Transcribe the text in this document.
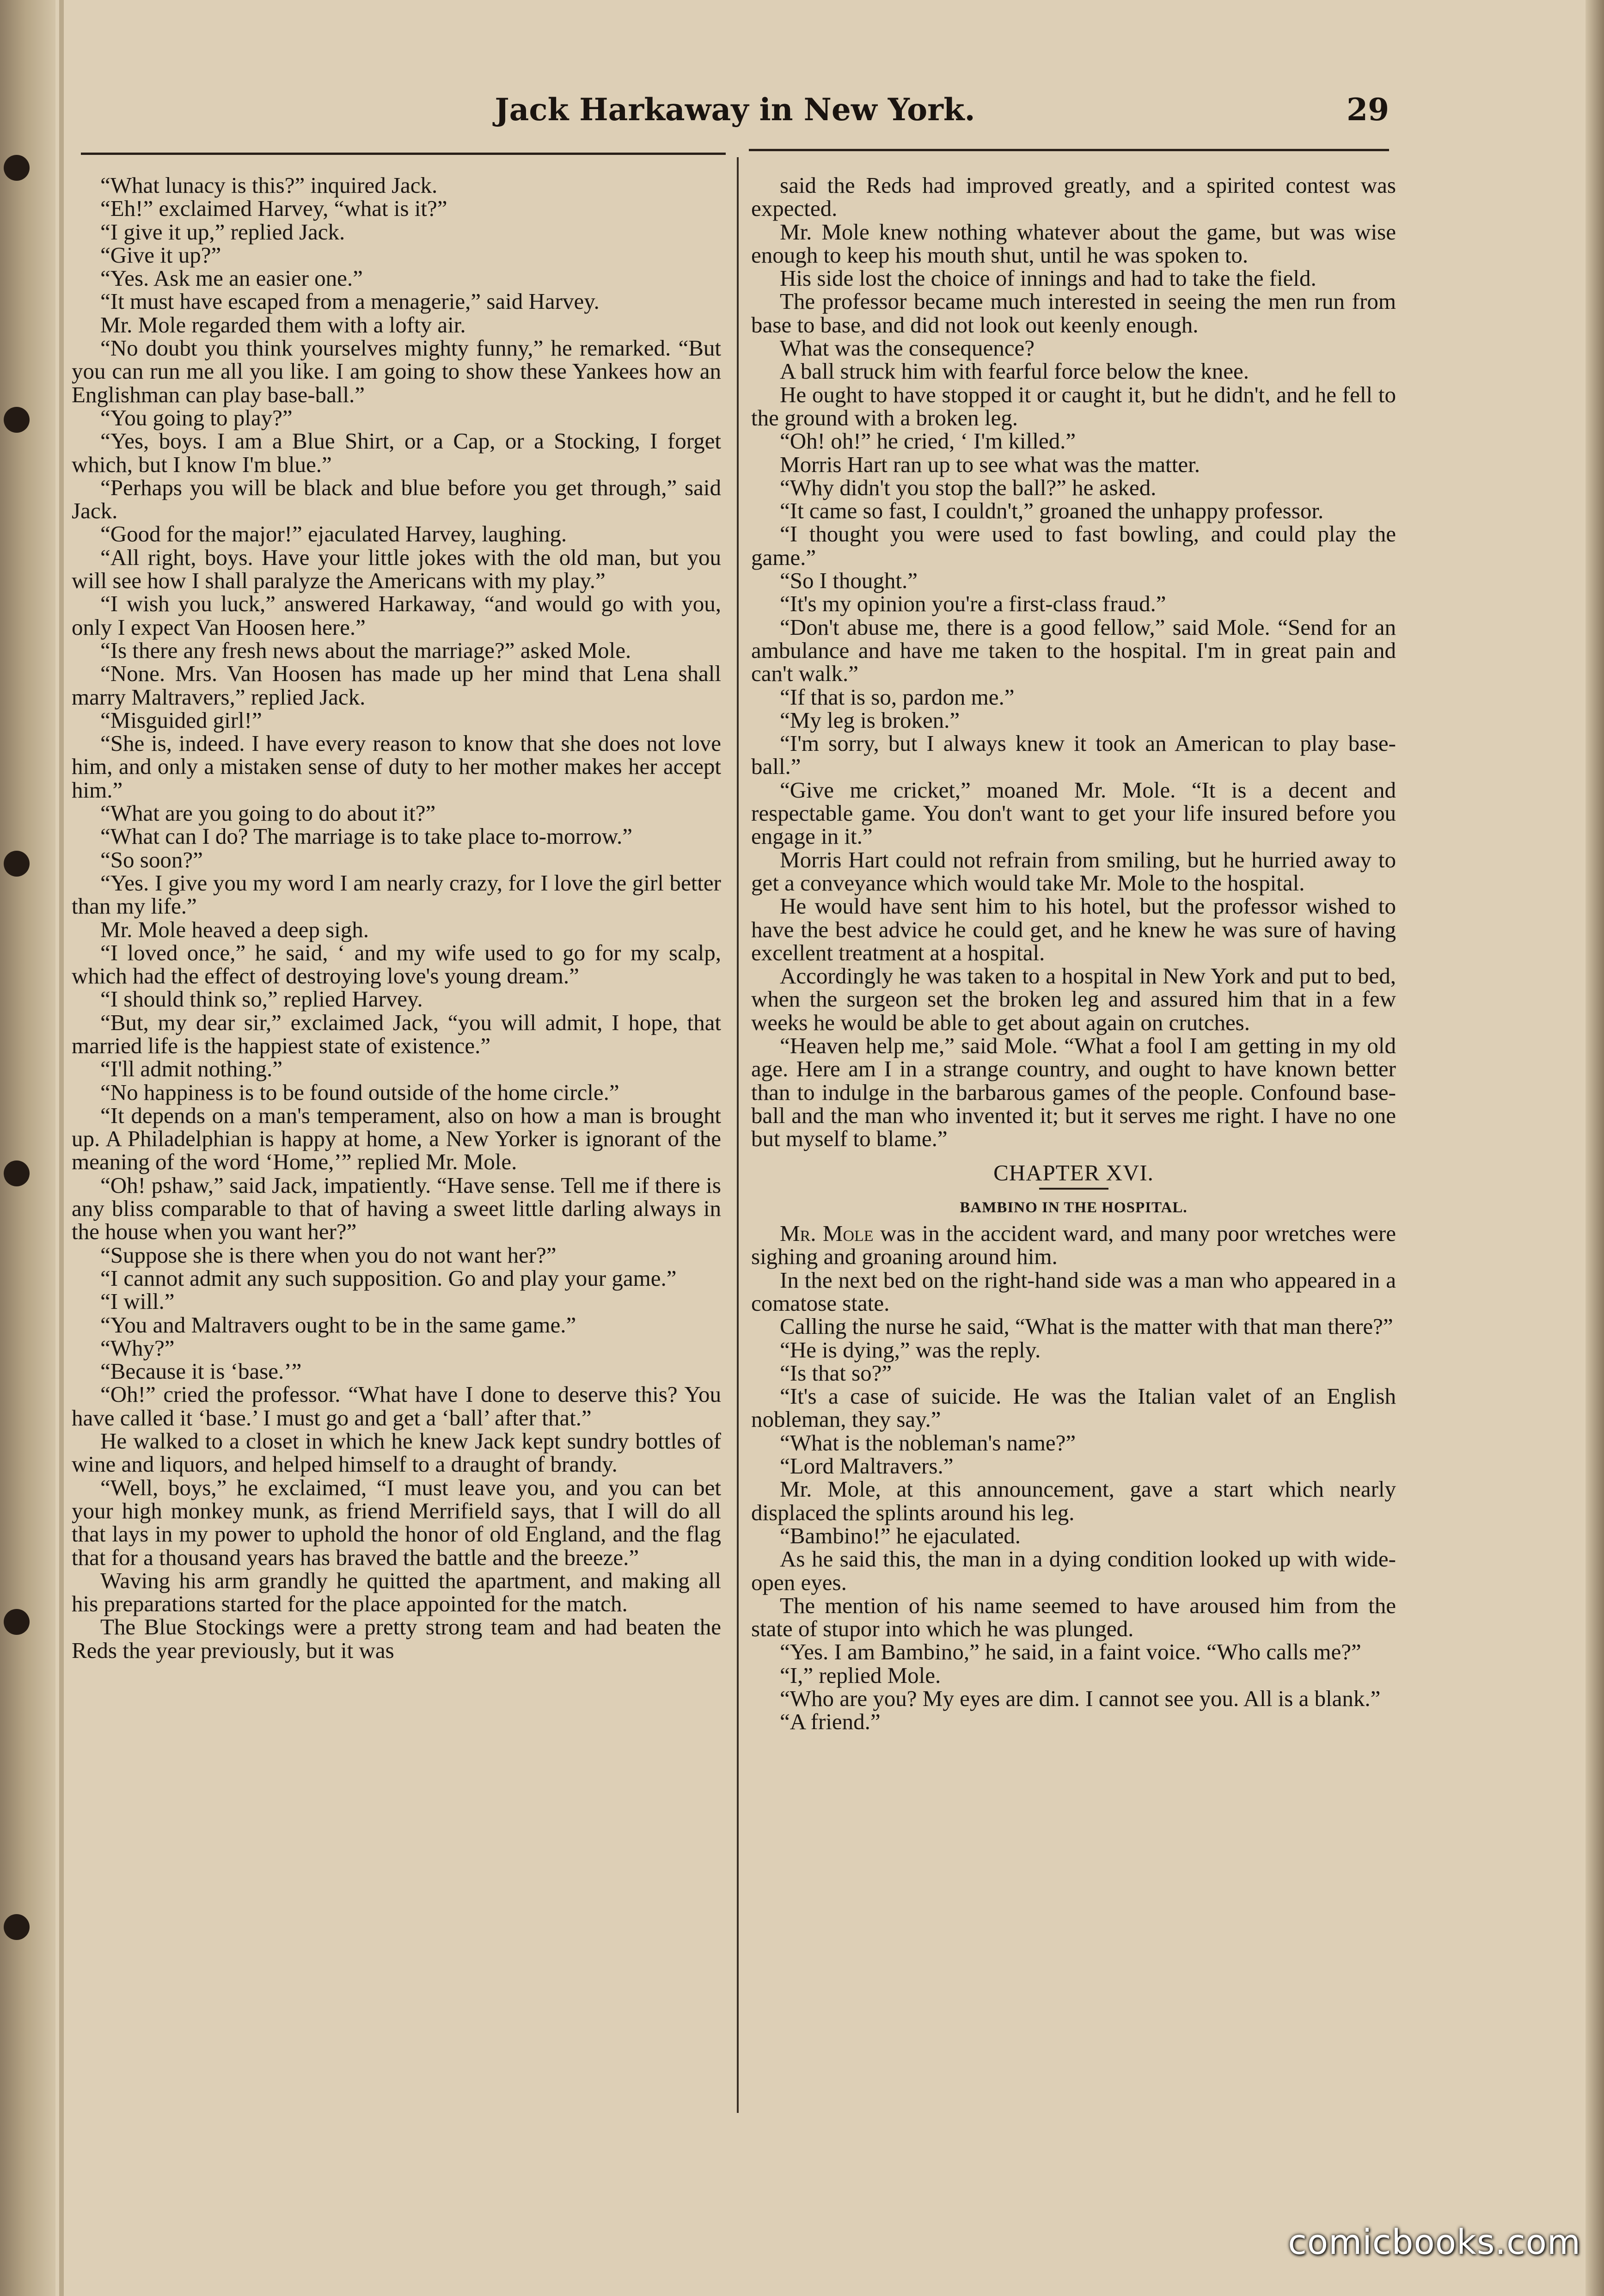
Jack Harkaway in New York.	29

“What lunacy is this?” inquired Jack.

“Eh!” exclaimed Harvey, “what is it?”

“I give it up,” replied Jack.

“Give it up?”

“Yes. Ask me an easier one.”

“It must have escaped from a menagerie,” said Harvey.

Mr. Mole regarded them with a lofty air.

“No doubt you think yourselves mighty funny,” he remarked. “But you can run me all you like. I am going to show these Yankees how an Englishman can play base-ball.”

“You going to play?”

“Yes, boys. I am a Blue Shirt, or a Cap, or a Stocking, I forget which, but I know I'm blue.”

“Perhaps you will be black and blue before you get through,” said Jack.

“Good for the major!” ejaculated Harvey, laughing.

“All right, boys. Have your little jokes with the old man, but you will see how I shall paralyze the Americans with my play.”

“I wish you luck,” answered Harkaway, “and would go with you, only I expect Van Hoosen here.”

“Is there any fresh news about the marriage?” asked Mole.

“None. Mrs. Van Hoosen has made up her mind that Lena shall marry Maltravers,” replied Jack.

“Misguided girl!”

“She is, indeed. I have every reason to know that she does not love him, and only a mistaken sense of duty to her mother makes her accept him.”

“What are you going to do about it?”

“What can I do? The marriage is to take place to-morrow.”

“So soon?”

“Yes. I give you my word I am nearly crazy, for I love the girl better than my life.”

Mr. Mole heaved a deep sigh.

“I loved once,” he said, ‘ and my wife used to go for my scalp, which had the effect of destroying love's young dream.”

“I should think so,” replied Harvey.

“But, my dear sir,” exclaimed Jack, “you will admit, I hope, that married life is the happiest state of existence.”

“I'll admit nothing.”

“No happiness is to be found outside of the home circle.”

“It depends on a man's temperament, also on how a man is brought up. A Philadelphian is happy at home, a New Yorker is ignorant of the meaning of the word ‘Home,’” replied Mr. Mole.

“Oh! pshaw,” said Jack, impatiently. “Have sense. Tell me if there is any bliss comparable to that of having a sweet little darling always in the house when you want her?”

“Suppose she is there when you do not want her?”

“I cannot admit any such supposition. Go and play your game.”

“I will.”

“You and Maltravers ought to be in the same game.”

“Why?”

“Because it is ‘base.’”

“Oh!” cried the professor. “What have I done to deserve this? You have called it ‘base.’ I must go and get a ‘ball’ after that.”

He walked to a closet in which he knew Jack kept sundry bottles of wine and liquors, and helped himself to a draught of brandy.

“Well, boys,” he exclaimed, “I must leave you, and you can bet your high monkey munk, as friend Merrifield says, that I will do all that lays in my power to uphold the honor of old England, and the flag that for a thousand years has braved the battle and the breeze.”

Waving his arm grandly he quitted the apartment, and making all his preparations started for the place appointed for the match.

The Blue Stockings were a pretty strong team and had beaten the Reds the year previously, but it was

said the Reds had improved greatly, and a spirited contest was expected.

Mr. Mole knew nothing whatever about the game, but was wise enough to keep his mouth shut, until he was spoken to.

His side lost the choice of innings and had to take the field.

The professor became much interested in seeing the men run from base to base, and did not look out keenly enough.

What was the consequence?

A ball struck him with fearful force below the knee.

He ought to have stopped it or caught it, but he didn't, and he fell to the ground with a broken leg.

“Oh! oh!” he cried, ‘ I'm killed.”

Morris Hart ran up to see what was the matter.

“Why didn't you stop the ball?” he asked.

“It came so fast, I couldn't,” groaned the unhappy professor.

“I thought you were used to fast bowling, and could play the game.”

“So I thought.”

“It's my opinion you're a first-class fraud.”

“Don't abuse me, there is a good fellow,” said Mole. “Send for an ambulance and have me taken to the hospital. I'm in great pain and can't walk.”

“If that is so, pardon me.”

“My leg is broken.”

“I'm sorry, but I always knew it took an American to play base-ball.”

“Give me cricket,” moaned Mr. Mole. “It is a decent and respectable game. You don't want to get your life insured before you engage in it.”

Morris Hart could not refrain from smiling, but he hurried away to get a conveyance which would take Mr. Mole to the hospital.

He would have sent him to his hotel, but the professor wished to have the best advice he could get, and he knew he was sure of having excellent treatment at a hospital.

Accordingly he was taken to a hospital in New York and put to bed, when the surgeon set the broken leg and assured him that in a few weeks he would be able to get about again on crutches.

“Heaven help me,” said Mole. “What a fool I am getting in my old age. Here am I in a strange country, and ought to have known better than to indulge in the barbarous games of the people. Confound base-ball and the man who invented it; but it serves me right. I have no one but myself to blame.”

CHAPTER XVI.
BAMBINO IN THE HOSPITAL.

Mr. Mole was in the accident ward, and many poor wretches were sighing and groaning around him.

In the next bed on the right-hand side was a man who appeared in a comatose state.

Calling the nurse he said, “What is the matter with that man there?”

“He is dying,” was the reply.

“Is that so?”

“It's a case of suicide. He was the Italian valet of an English nobleman, they say.”

“What is the nobleman's name?”

“Lord Maltravers.”

Mr. Mole, at this announcement, gave a start which nearly displaced the splints around his leg.

“Bambino!” he ejaculated.

As he said this, the man in a dying condition looked up with wide-open eyes.

The mention of his name seemed to have aroused him from the state of stupor into which he was plunged.

“Yes. I am Bambino,” he said, in a faint voice. “Who calls me?”

“I,” replied Mole.

“Who are you? My eyes are dim. I cannot see you. All is a blank.”

“A friend.”

comicbooks.com
